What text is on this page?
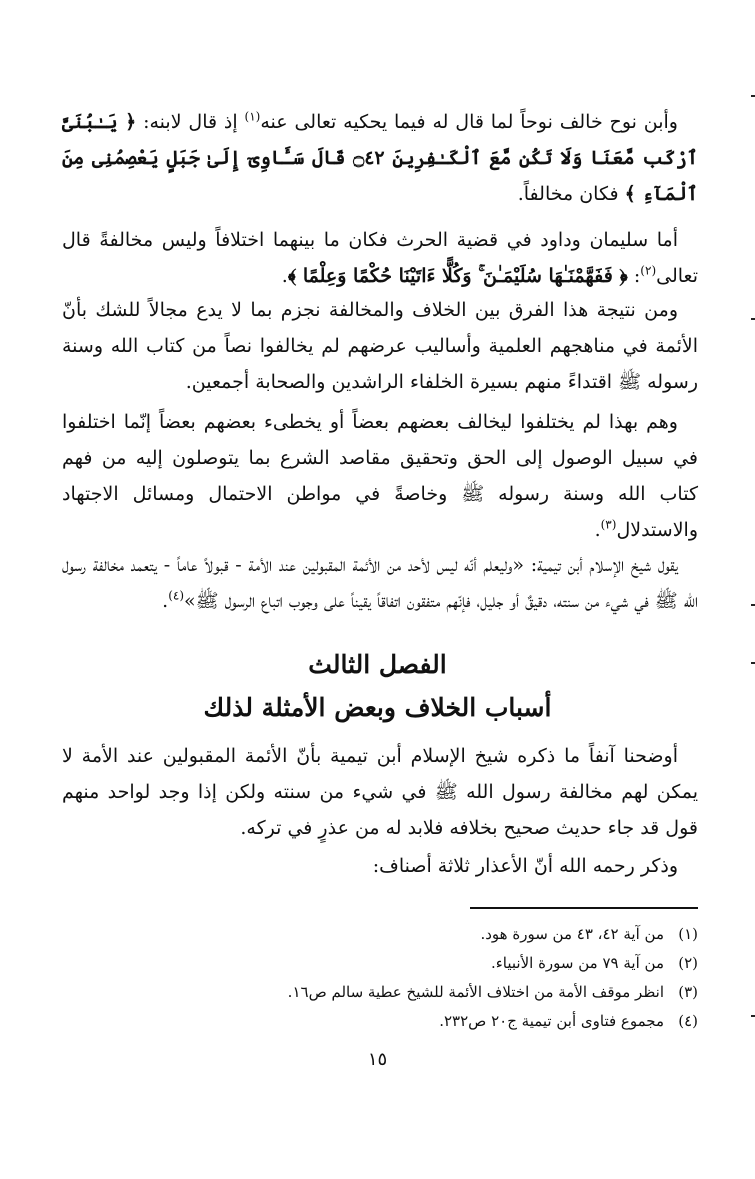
وأبن نوح خالف نوحاً لما قال له فيما يحكيه تعالى عنه$^{(١)}$ إذ قال لابنه: ﴿ يَـٰبُنَىَّ ٱرْكَب مَّعَنَا وَلَا تَكُن مَّعَ ٱلْكَـٰفِرِينَ ۝٤٢ قَالَ سَـَٔاوِىٓ إِلَىٰ جَبَلٍ يَعْصِمُنِى مِنَ ٱلْمَآءِ ﴾ فكان مخالفاً.

أما سليمان وداود في قضية الحرث فكان ما بينهما اختلافاً وليس مخالفةً قال تعالى$^{(٢)}$: ﴿ فَفَهَّمْنَـٰهَا سُلَيْمَـٰنَ ۚ وَكُلًّا ءَاتَيْنَا حُكْمًا وَعِلْمًا ﴾.

ومن نتيجة هذا الفرق بين الخلاف والمخالفة نجزم بما لا يدع مجالاً للشك بأنّ الأئمة في مناهجهم العلمية وأساليب عرضهم لم يخالفوا نصاً من كتاب الله وسنة رسوله ﷺ اقتداءً منهم بسيرة الخلفاء الراشدين والصحابة أجمعين.

وهم بهذا لم يختلفوا ليخالف بعضهم بعضاً أو يخطىء بعضهم بعضاً إنّما اختلفوا في سبيل الوصول إلى الحق وتحقيق مقاصد الشرع بما يتوصلون إليه من فهم كتاب الله وسنة رسوله ﷺ وخاصةً في مواطن الاحتمال ومسائل الاجتهاد والاستدلال$^{(٣)}$.

يقول شيخ الإسلام أبن تيمية: «وليعلم أنّه ليس لأحد من الأئمة المقبولين عند الأمة - قبولاً عاماً - يتعمد مخالفة رسول الله ﷺ في شيء من سنته، دقيقٌ أو جليل، فإنّهم متفقون اتفاقاً يقيناً على وجوب اتباع الرسول ﷺ»$^{(٤)}$.

الفصل الثالث
أسباب الخلاف وبعض الأمثلة لذلك

أوضحنا آنفاً ما ذكره شيخ الإسلام أبن تيمية بأنّ الأئمة المقبولين عند الأمة لا يمكن لهم مخالفة رسول الله ﷺ في شيء من سنته ولكن إذا وجد لواحد منهم قول قد جاء حديث صحيح بخلافه فلابد له من عذرٍ في تركه.

وذكر رحمه الله أنّ الأعذار ثلاثة أصناف:

(١)من آية ٤٢، ٤٣ من سورة هود.
(٢)من آية ٧٩ من سورة الأنبياء.
(٣)انظر موقف الأمة من اختلاف الأئمة للشيخ عطية سالم ص١٦.
(٤)مجموع فتاوى أبن تيمية ج٢٠ ص٢٣٢.
١٥
